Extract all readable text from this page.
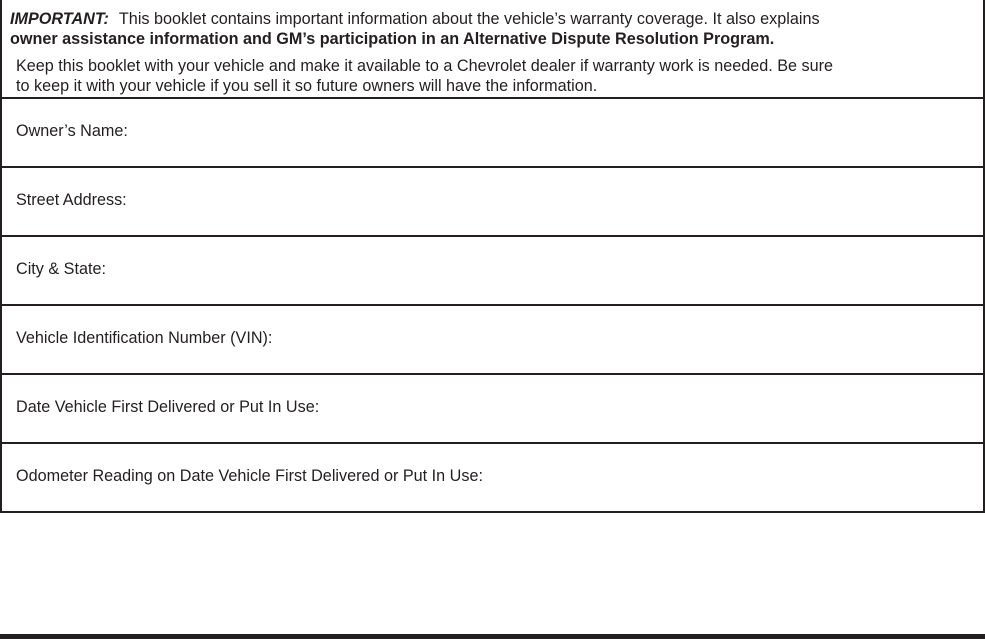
IMPORTANT: This booklet contains important information about the vehicle’s warranty coverage. It also explains
owner assistance information and GM’s participation in an Alternative Dispute Resolution Program.
Keep this booklet with your vehicle and make it available to a Chevrolet dealer if warranty work is needed. Be sure
to keep it with your vehicle if you sell it so future owners will have the information.
Owner’s Name:
Street Address:
City & State:
Vehicle Identification Number (VIN):
Date Vehicle First Delivered or Put In Use:
Odometer Reading on Date Vehicle First Delivered or Put In Use:
